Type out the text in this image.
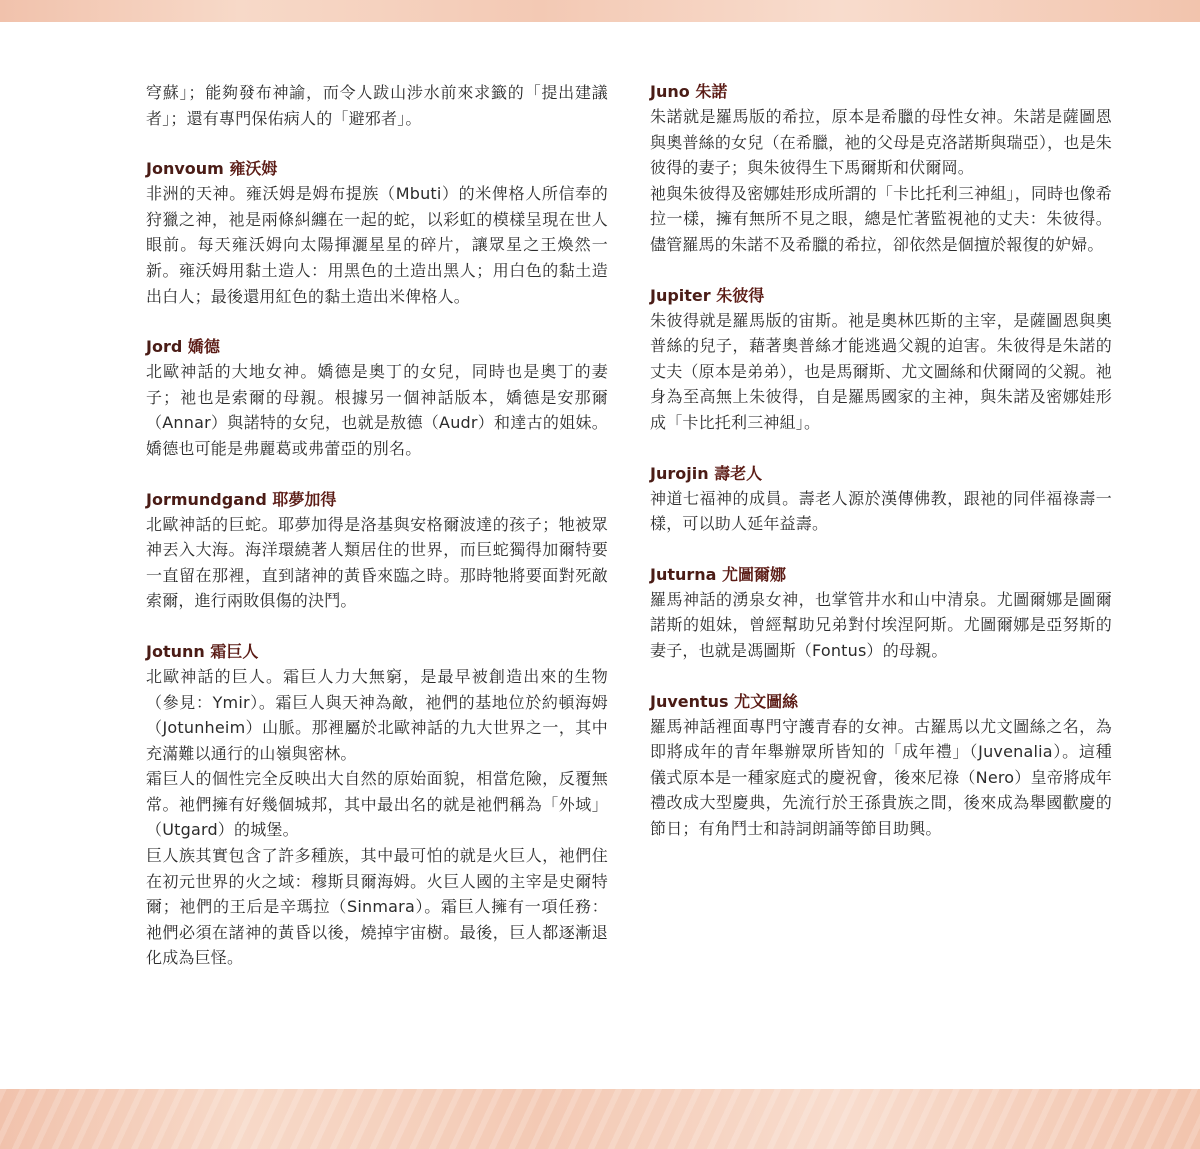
穹蘇」；能夠發布神諭，而令人跋山涉水前來求籤的「提出建議者」；還有專門保佑病人的「避邪者」。

Jonvoum 雍沃姆

非洲的天神。雍沃姆是姆布提族（Mbuti）的米俾格人所信奉的狩獵之神，祂是兩條糾纏在一起的蛇，以彩虹的模樣呈現在世人眼前。每天雍沃姆向太陽揮灑星星的碎片，讓眾星之王煥然一新。雍沃姆用黏土造人：用黑色的土造出黑人；用白色的黏土造出白人；最後還用紅色的黏土造出米俾格人。

Jord 嬌德

北歐神話的大地女神。嬌德是奧丁的女兒，同時也是奧丁的妻子；祂也是索爾的母親。根據另一個神話版本，嬌德是安那爾（Annar）與諾特的女兒，也就是敖德（Audr）和達古的姐妹。嬌德也可能是弗麗葛或弗蕾亞的別名。

Jormundgand 耶夢加得

北歐神話的巨蛇。耶夢加得是洛基與安格爾波達的孩子；牠被眾神丟入大海。海洋環繞著人類居住的世界，而巨蛇獨得加爾特要一直留在那裡，直到諸神的黃昏來臨之時。那時牠將要面對死敵索爾，進行兩敗俱傷的決鬥。

Jotunn 霜巨人

北歐神話的巨人。霜巨人力大無窮，是最早被創造出來的生物（參見：Ymir）。霜巨人與天神為敵，祂們的基地位於約頓海姆（Jotunheim）山脈。那裡屬於北歐神話的九大世界之一，其中充滿難以通行的山嶺與密林。

霜巨人的個性完全反映出大自然的原始面貌，相當危險，反覆無常。祂們擁有好幾個城邦，其中最出名的就是祂們稱為「外域」（Utgard）的城堡。

巨人族其實包含了許多種族，其中最可怕的就是火巨人，祂們住在初元世界的火之域：穆斯貝爾海姆。火巨人國的主宰是史爾特爾；祂們的王后是辛瑪拉（Sinmara）。霜巨人擁有一項任務：祂們必須在諸神的黃昏以後，燒掉宇宙樹。最後，巨人都逐漸退化成為巨怪。

Juno 朱諾

朱諾就是羅馬版的希拉，原本是希臘的母性女神。朱諾是薩圖恩與奧普絲的女兒（在希臘，祂的父母是克洛諾斯與瑞亞），也是朱彼得的妻子；與朱彼得生下馬爾斯和伏爾岡。

祂與朱彼得及密娜娃形成所謂的「卡比托利三神組」，同時也像希拉一樣，擁有無所不見之眼，總是忙著監視祂的丈夫：朱彼得。儘管羅馬的朱諾不及希臘的希拉，卻依然是個擅於報復的妒婦。

Jupiter 朱彼得

朱彼得就是羅馬版的宙斯。祂是奧林匹斯的主宰，是薩圖恩與奧普絲的兒子，藉著奧普絲才能逃過父親的迫害。朱彼得是朱諾的丈夫（原本是弟弟），也是馬爾斯、尤文圖絲和伏爾岡的父親。祂身為至高無上朱彼得，自是羅馬國家的主神，與朱諾及密娜娃形成「卡比托利三神組」。

Jurojin 壽老人

神道七福神的成員。壽老人源於漢傳佛教，跟祂的同伴福祿壽一樣，可以助人延年益壽。

Juturna 尤圖爾娜

羅馬神話的湧泉女神，也掌管井水和山中清泉。尤圖爾娜是圖爾諾斯的姐妹，曾經幫助兄弟對付埃涅阿斯。尤圖爾娜是亞努斯的妻子，也就是馮圖斯（Fontus）的母親。

Juventus 尤文圖絲

羅馬神話裡面專門守護青春的女神。古羅馬以尤文圖絲之名，為即將成年的青年舉辦眾所皆知的「成年禮」（Juvenalia）。這種儀式原本是一種家庭式的慶祝會，後來尼祿（Nero）皇帝將成年禮改成大型慶典，先流行於王孫貴族之間，後來成為舉國歡慶的節日；有角鬥士和詩詞朗誦等節目助興。
